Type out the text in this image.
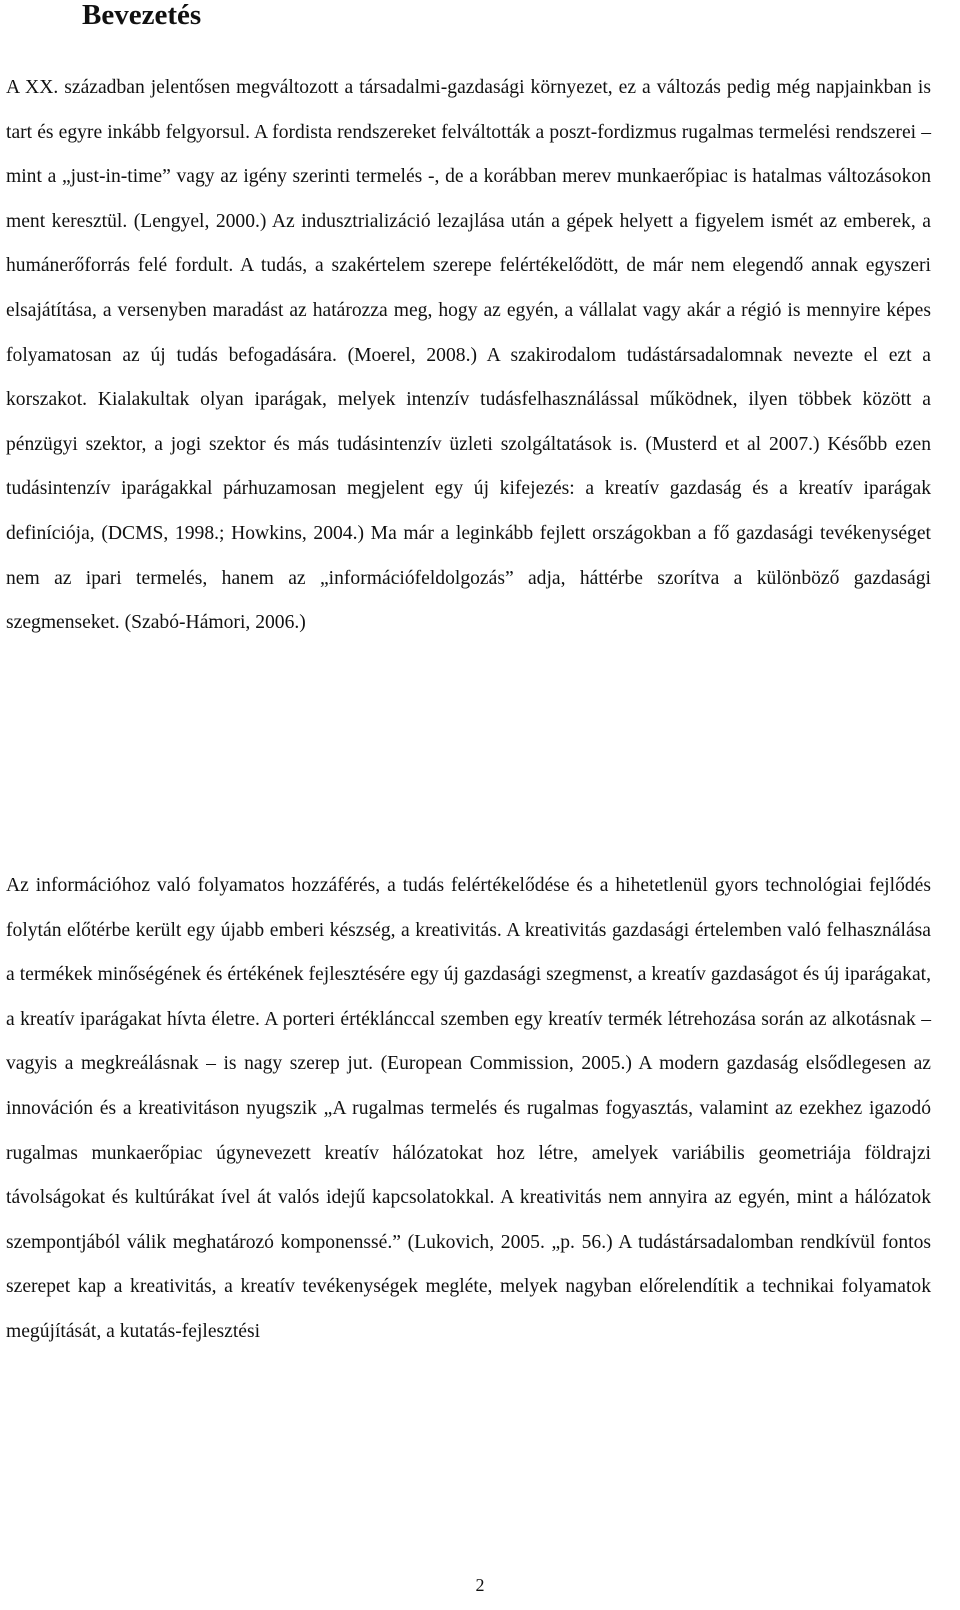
Bevezetés

A XX. században jelentősen megváltozott a társadalmi-gazdasági környezet, ez a változás pedig még napjainkban is tart és egyre inkább felgyorsul. A fordista rendszereket felváltották a poszt-fordizmus rugalmas termelési rendszerei – mint a „just-in-time” vagy az igény szerinti termelés -, de a korábban merev munkaerőpiac is hatalmas változásokon ment keresztül. (Lengyel, 2000.) Az indusztrializáció lezajlása után a gépek helyett a figyelem ismét az emberek, a humánerőforrás felé fordult. A tudás, a szakértelem szerepe felértékelődött, de már nem elegendő annak egyszeri elsajátítása, a versenyben maradást az határozza meg, hogy az egyén, a vállalat vagy akár a régió is mennyire képes folyamatosan az új tudás befogadására. (Moerel, 2008.) A szakirodalom tudástársadalomnak nevezte el ezt a korszakot. Kialakultak olyan iparágak, melyek intenzív tudásfelhasználással működnek, ilyen többek között a pénzügyi szektor, a jogi szektor és más tudásintenzív üzleti szolgáltatások is. (Musterd et al 2007.) Később ezen tudásintenzív iparágakkal párhuzamosan megjelent egy új kifejezés: a kreatív gazdaság és a kreatív iparágak definíciója, (DCMS, 1998.; Howkins, 2004.) Ma már a leginkább fejlett országokban a fő gazdasági tevékenységet nem az ipari termelés, hanem az „információfeldolgozás” adja, háttérbe szorítva a különböző gazdasági szegmenseket. (Szabó-Hámori, 2006.)

Az információhoz való folyamatos hozzáférés, a tudás felértékelődése és a hihetetlenül gyors technológiai fejlődés folytán előtérbe került egy újabb emberi készség, a kreativitás. A kreativitás gazdasági értelemben való felhasználása a termékek minőségének és értékének fejlesztésére egy új gazdasági szegmenst, a kreatív gazdaságot és új iparágakat, a kreatív iparágakat hívta életre. A porteri értéklánccal szemben egy kreatív termék létrehozása során az alkotásnak – vagyis a megkreálásnak – is nagy szerep jut. (European Commission, 2005.) A modern gazdaság elsődlegesen az innováción és a kreativitáson nyugszik „A rugalmas termelés és rugalmas fogyasztás, valamint az ezekhez igazodó rugalmas munkaerőpiac úgynevezett kreatív hálózatokat hoz létre, amelyek variábilis geometriája földrajzi távolságokat és kultúrákat ível át valós idejű kapcsolatokkal. A kreativitás nem annyira az egyén, mint a hálózatok szempontjából válik meghatározó komponenssé.” (Lukovich, 2005. „p. 56.) A tudástársadalomban rendkívül fontos szerepet kap a kreativitás, a kreatív tevékenységek megléte, melyek nagyban előrelendítik a technikai folyamatok megújítását, a kutatás-fejlesztési

2
